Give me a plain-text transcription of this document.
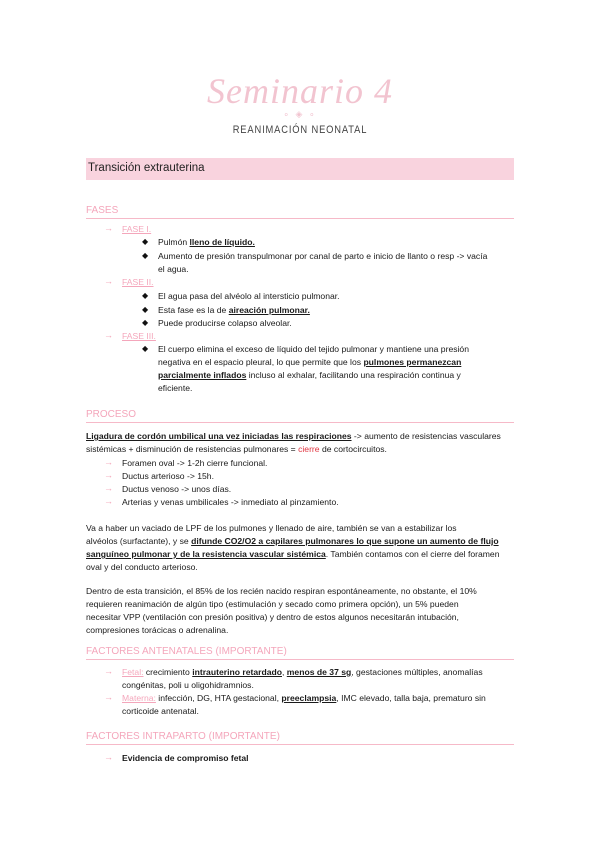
Seminario 4
∘ ◈ ∘
REANIMACIÓN NEONATAL
Transición extrauterina
FASES
→ FASE I.
◆ Pulmón lleno de líquido.
◆ Aumento de presión transpulmonar por canal de parto e inicio de llanto o resp -> vacía
el agua.
→ FASE II.
◆ El agua pasa del alvéolo al intersticio pulmonar.
◆ Esta fase es la de aireación pulmonar.
◆ Puede producirse colapso alveolar.
→ FASE III.
◆ El cuerpo elimina el exceso de líquido del tejido pulmonar y mantiene una presión
negativa en el espacio pleural, lo que permite que los pulmones permanezcan
parcialmente inflados incluso al exhalar, facilitando una respiración continua y
eficiente.
PROCESO
Ligadura de cordón umbilical una vez iniciadas las respiraciones -> aumento de resistencias vasculares
sistémicas + disminución de resistencias pulmonares = cierre de cortocircuitos.
→ Foramen oval -> 1-2h cierre funcional.
→ Ductus arterioso -> 15h.
→ Ductus venoso -> unos días.
→ Arterias y venas umbilicales -> inmediato al pinzamiento.
Va a haber un vaciado de LPF de los pulmones y llenado de aire, también se van a estabilizar los
alvéolos (surfactante), y se difunde CO2/O2 a capilares pulmonares lo que supone un aumento de flujo
sanguíneo pulmonar y de la resistencia vascular sistémica. También contamos con el cierre del foramen
oval y del conducto arterioso.
Dentro de esta transición, el 85% de los recién nacido respiran espontáneamente, no obstante, el 10%
requieren reanimación de algún tipo (estimulación y secado como primera opción), un 5% pueden
necesitar VPP (ventilación con presión positiva) y dentro de estos algunos necesitarán intubación,
compresiones torácicas o adrenalina.
FACTORES ANTENATALES (IMPORTANTE)
→ Fetal: crecimiento intrauterino retardado, menos de 37 sg, gestaciones múltiples, anomalías
congénitas, poli u oligohidramnios.
→ Materna: infección, DG, HTA gestacional, preeclampsia, IMC elevado, talla baja, prematuro sin
corticoide antenatal.
FACTORES INTRAPARTO (IMPORTANTE)
→ Evidencia de compromiso fetal
